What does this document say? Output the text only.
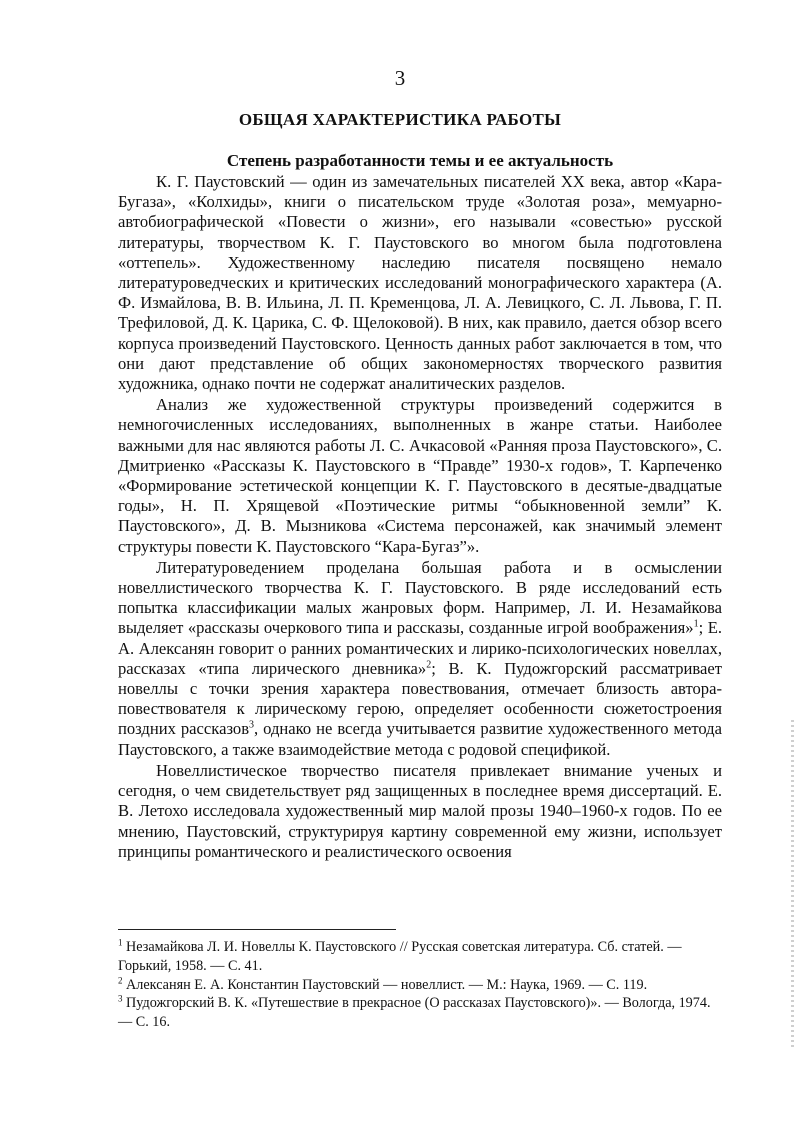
3
ОБЩАЯ ХАРАКТЕРИСТИКА РАБОТЫ
Степень разработанности темы и ее актуальность

К. Г. Паустовский — один из замечательных писателей XX века, автор «Кара-Бугаза», «Колхиды», книги о писательском труде «Золотая роза», мемуарно-автобиографической «Повести о жизни», его называли «совестью» русской литературы, творчеством К. Г. Паустовского во многом была подготовлена «оттепель». Художественному наследию писателя посвящено немало литературоведческих и критических исследований монографического характера (А. Ф. Измайлова, В. В. Ильина, Л. П. Кременцова, Л. А. Левицкого, С. Л. Львова, Г. П. Трефиловой, Д. К. Царика, С. Ф. Щелоковой). В них, как правило, дается обзор всего корпуса произведений Паустовского. Ценность данных работ заключается в том, что они дают представление об общих закономерностях творческого развития художника, однако почти не содержат аналитических разделов.

Анализ же художественной структуры произведений содержится в немногочисленных исследованиях, выполненных в жанре статьи. Наиболее важными для нас являются работы Л. С. Ачкасовой «Ранняя проза Паустовского», С. Дмитриенко «Рассказы К. Паустовского в “Правде” 1930-х годов», Т. Карпеченко «Формирование эстетической концепции К. Г. Паустовского в десятые-двадцатые годы», Н. П. Хрящевой «Поэтические ритмы “обыкновенной земли” К. Паустовского», Д. В. Мызникова «Система персонажей, как значимый элемент структуры повести К. Паустовского “Кара-Бугаз”».

Литературоведением проделана большая работа и в осмыслении новеллистического творчества К. Г. Паустовского. В ряде исследований есть попытка классификации малых жанровых форм. Например, Л. И. Незамайкова выделяет «рассказы очеркового типа и рассказы, созданные игрой воображения»$^1$; Е. А. Алексанян говорит о ранних романтических и лирико-психологических новеллах, рассказах «типа лирического дневника»$^2$; В. К. Пудожгорский рассматривает новеллы с точки зрения характера повествования, отмечает близость автора-повествователя к лирическому герою, определяет особенности сюжетостроения поздних рассказов$^3$, однако не всегда учитывается развитие художественного метода Паустовского, а также взаимодействие метода с родовой спецификой.

Новеллистическое творчество писателя привлекает внимание ученых и сегодня, о чем свидетельствует ряд защищенных в последнее время диссертаций. Е. В. Летохо исследовала художественный мир малой прозы 1940–1960-х годов. По ее мнению, Паустовский, структурируя картину современной ему жизни, использует принципы романтического и реалистического освоения

$^1$ Незамайкова Л. И. Новеллы К. Паустовского // Русская советская литература. Сб. статей. — Горький, 1958. — С. 41.

$^2$ Алексанян Е. А. Константин Паустовский — новеллист. — М.: Наука, 1969. — С. 119.

$^3$ Пудожгорский В. К. «Путешествие в прекрасное (О рассказах Паустовского)». — Вологда, 1974. — С. 16.
